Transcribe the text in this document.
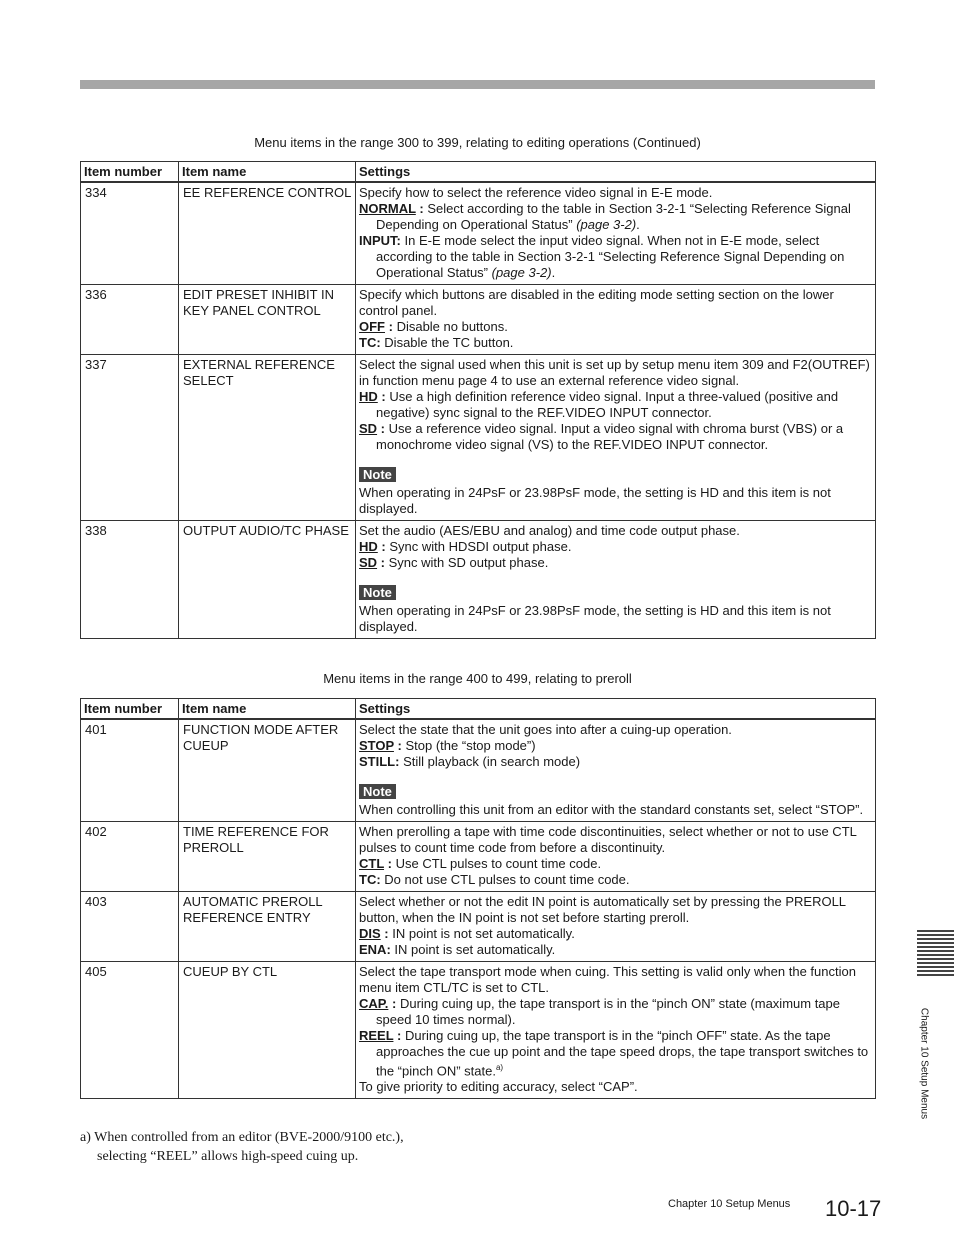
Menu items in the range 300 to 399, relating to editing operations (Continued)
Item number	Item name	Settings
334	EE REFERENCE CONTROL	Specify how to select the reference video signal in E-E mode.

NORMAL : Select according to the table in Section 3-2-1 “Selecting Reference Signal Depending on Operational Status” (page 3-2).

INPUT: In E-E mode select the input video signal. When not in E-E mode, select according to the table in Section 3-2-1 “Selecting Reference Signal Depending on Operational Status” (page 3-2).

336	EDIT PRESET INHIBIT IN KEY PANEL CONTROL	Specify which buttons are disabled in the editing mode setting section on the lower control panel.

OFF : Disable no buttons.

TC: Disable the TC button.

337	EXTERNAL REFERENCE SELECT	Select the signal used when this unit is set up by setup menu item 309 and F2(OUTREF) in function menu page 4 to use an external reference video signal.

HD : Use a high definition reference video signal. Input a three-valued (positive and negative) sync signal to the REF.VIDEO INPUT connector.

SD : Use a reference video signal. Input a video signal with chroma burst (VBS) or a monochrome video signal (VS) to the REF.VIDEO INPUT connector.

Note

When operating in 24PsF or 23.98PsF mode, the setting is HD and this item is not displayed.

338	OUTPUT AUDIO/TC PHASE	Set the audio (AES/EBU and analog) and time code output phase.

HD : Sync with HDSDI output phase.

SD : Sync with SD output phase.

Note

When operating in 24PsF or 23.98PsF mode, the setting is HD and this item is not displayed.

Menu items in the range 400 to 499, relating to preroll
Item number	Item name	Settings
401	FUNCTION MODE AFTER CUEUP	Select the state that the unit goes into after a cuing-up operation.

STOP : Stop (the “stop mode”)

STILL: Still playback (in search mode)

Note

When controlling this unit from an editor with the standard constants set, select “STOP”.

402	TIME REFERENCE FOR PREROLL	When prerolling a tape with time code discontinuities, select whether or not to use CTL pulses to count time code from before a discontinuity.

CTL : Use CTL pulses to count time code.

TC: Do not use CTL pulses to count time code.

403	AUTOMATIC PREROLL REFERENCE ENTRY	Select whether or not the edit IN point is automatically set by pressing the PREROLL button, when the IN point is not set before starting preroll.

DIS : IN point is not set automatically.

ENA: IN point is set automatically.

405	CUEUP BY CTL	Select the tape transport mode when cuing. This setting is valid only when the function menu item CTL/TC is set to CTL.

CAP. : During cuing up, the tape transport is in the “pinch ON” state (maximum tape speed 10 times normal).

REEL : During cuing up, the tape transport is in the “pinch OFF” state. As the tape approaches the cue up point and the tape speed drops, the tape transport switches to the “pinch ON” state.$^{a)}$

To give priority to editing accuracy, select “CAP”.

a) When controlled from an editor (BVE-2000/9100 etc.),
selecting “REEL” allows high-speed cuing up.
Chapter 10 Setup Menus
Chapter 10 Setup Menus 10-17
